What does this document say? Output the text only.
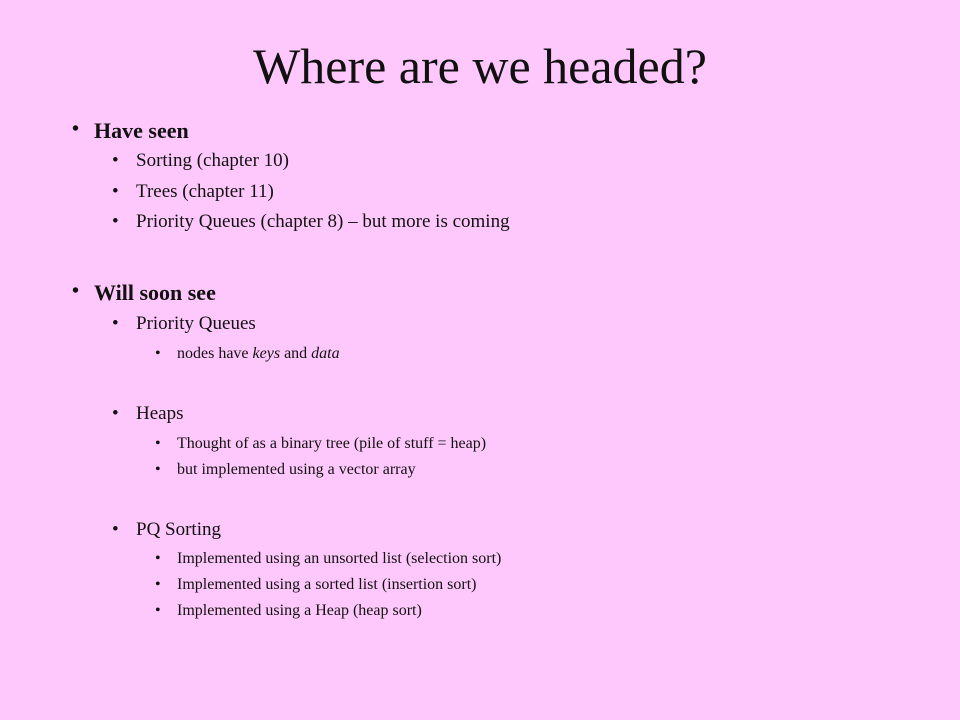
Where are we headed?
• Have seen
• Sorting (chapter 10)
• Trees (chapter 11)
• Priority Queues (chapter 8) – but more is coming
• Will soon see
• Priority Queues
• nodes have keys and data
• Heaps
• Thought of as a binary tree (pile of stuff = heap)
• but implemented using a vector array
• PQ Sorting
• Implemented using an unsorted list (selection sort)
• Implemented using a sorted list (insertion sort)
• Implemented using a Heap (heap sort)
